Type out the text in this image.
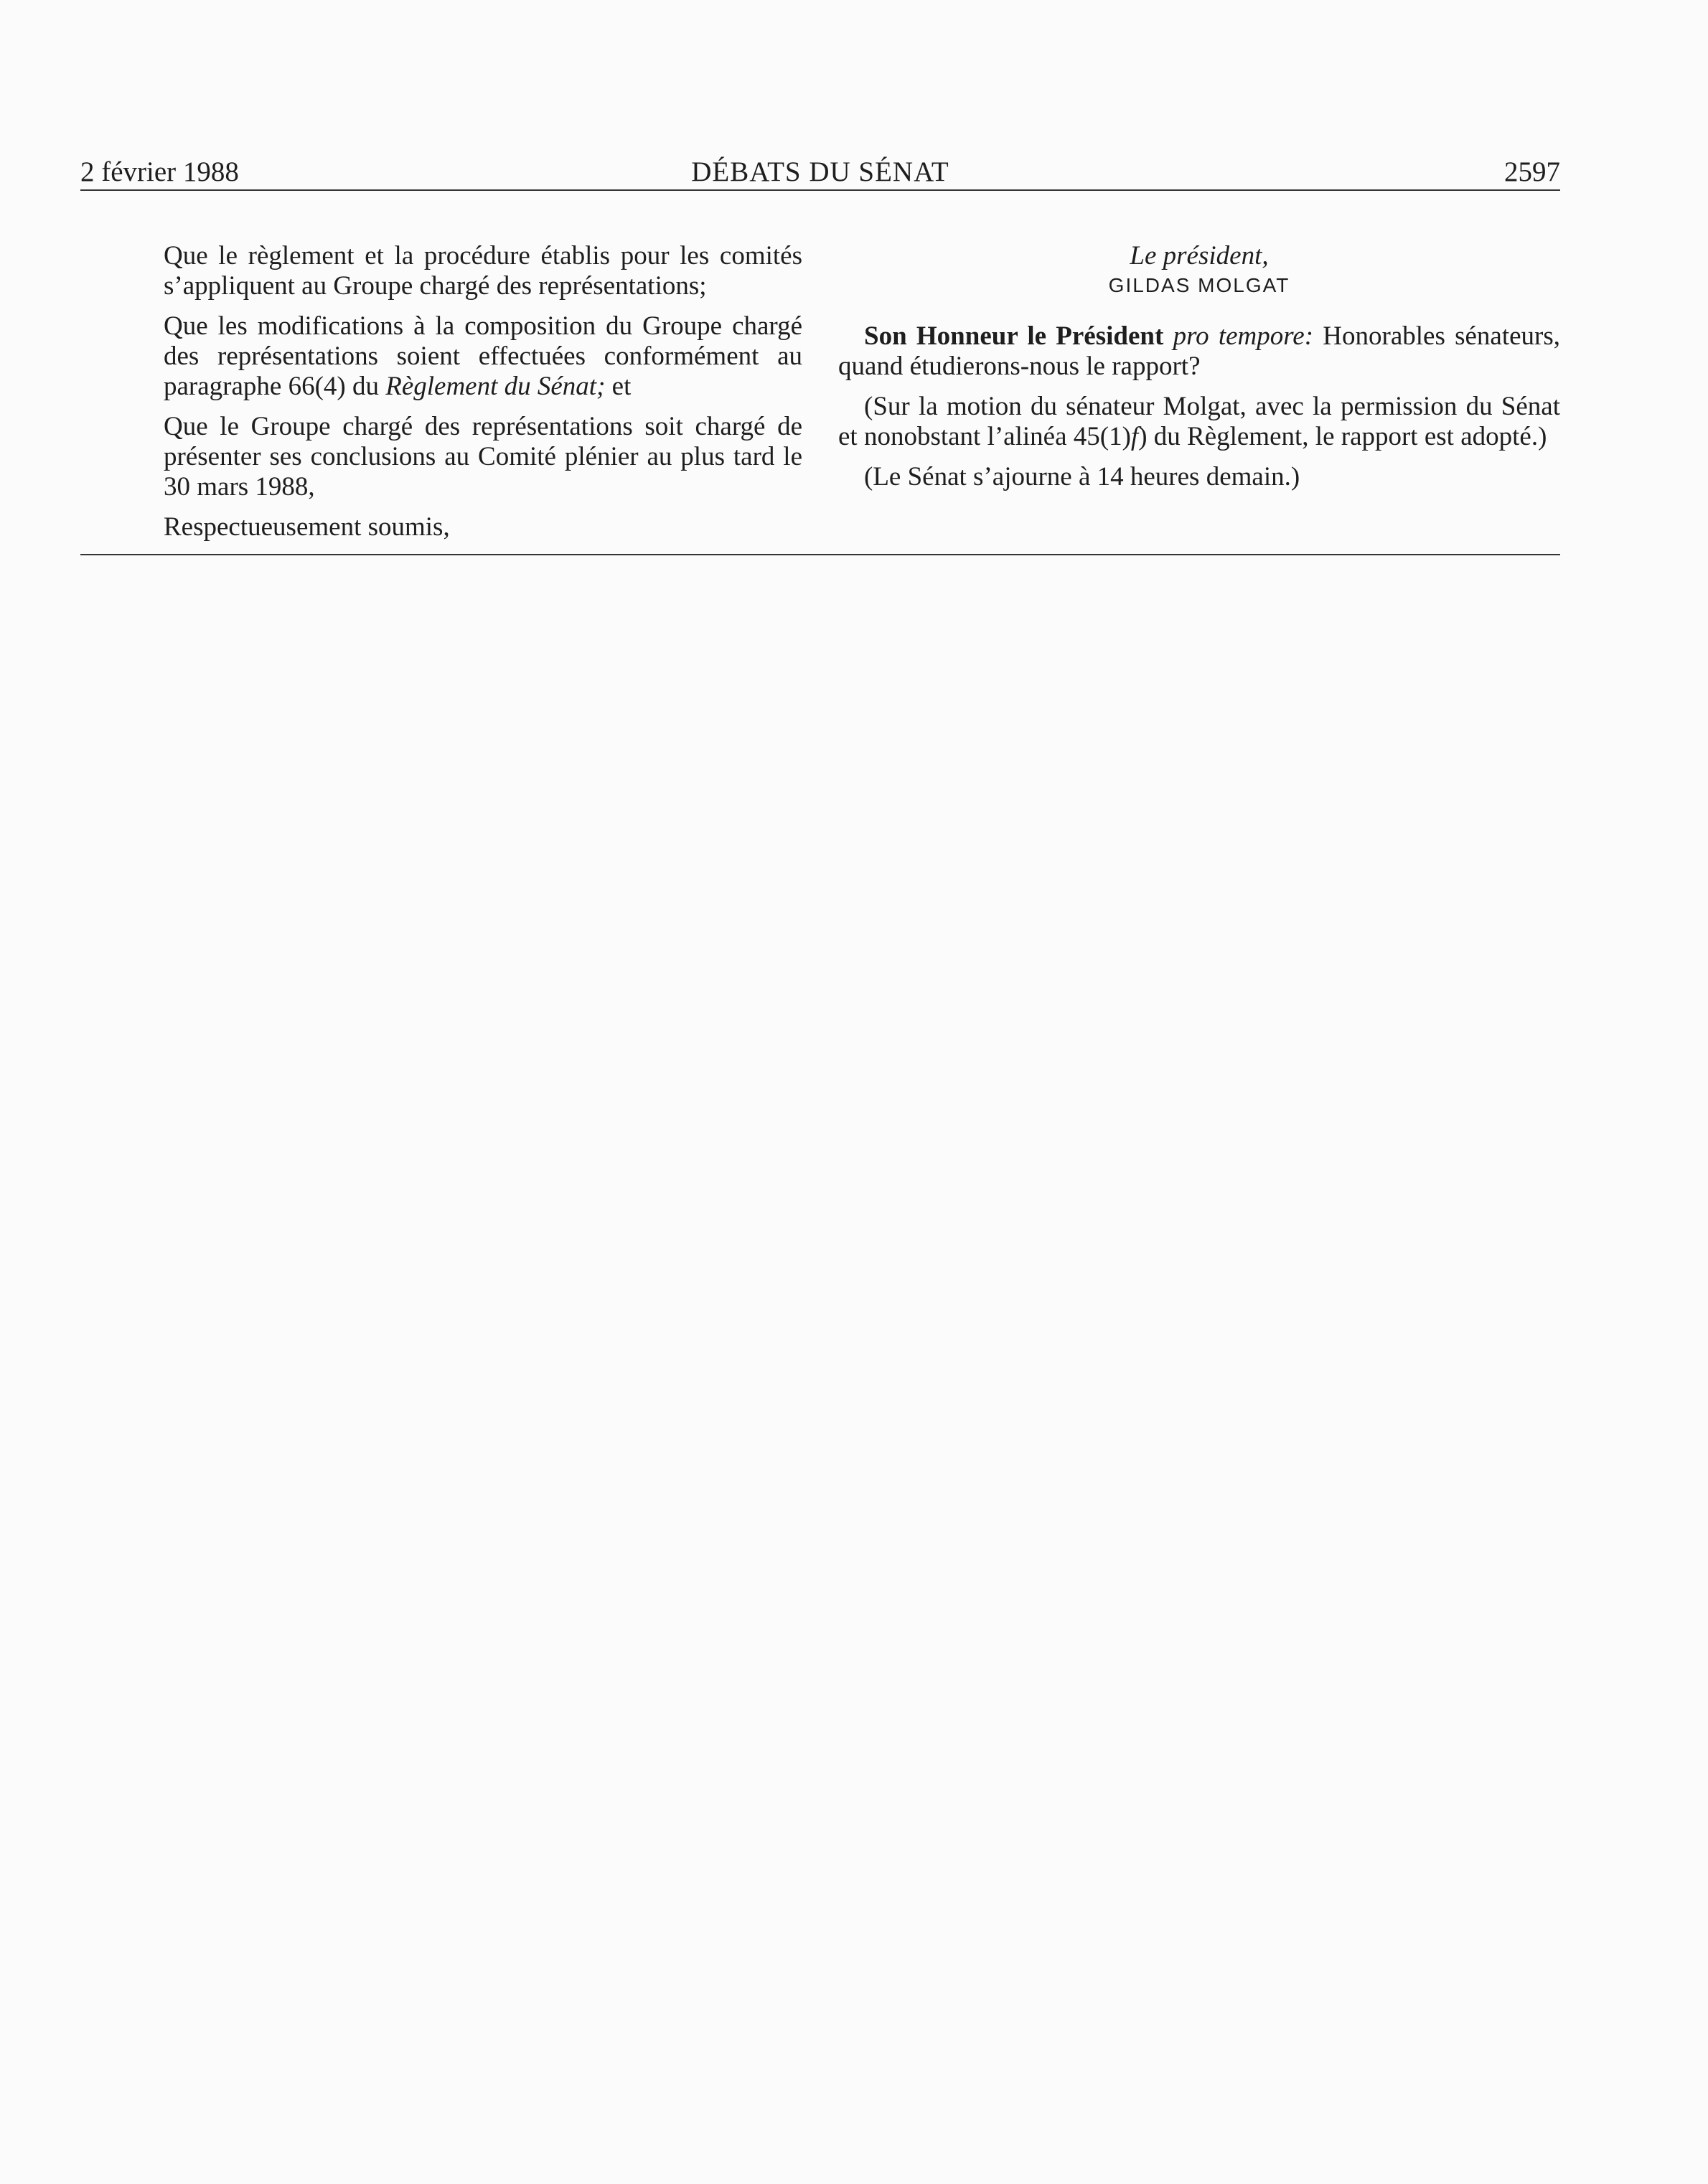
2 février 1988	DÉBATS DU SÉNAT	2597

Que le règlement et la procédure établis pour les comités s’appliquent au Groupe chargé des représentations;

Que les modifications à la composition du Groupe chargé des représentations soient effectuées conformément au paragraphe 66(4) du Règlement du Sénat; et

Que le Groupe chargé des représentations soit chargé de présenter ses conclusions au Comité plénier au plus tard le 30 mars 1988,

Respectueusement soumis,

Le président,

GILDAS MOLGAT

Son Honneur le Président pro tempore: Honorables sénateurs, quand étudierons-nous le rapport?

(Sur la motion du sénateur Molgat, avec la permission du Sénat et nonobstant l’alinéa 45(1)f) du Règlement, le rapport est adopté.)

(Le Sénat s’ajourne à 14 heures demain.)
